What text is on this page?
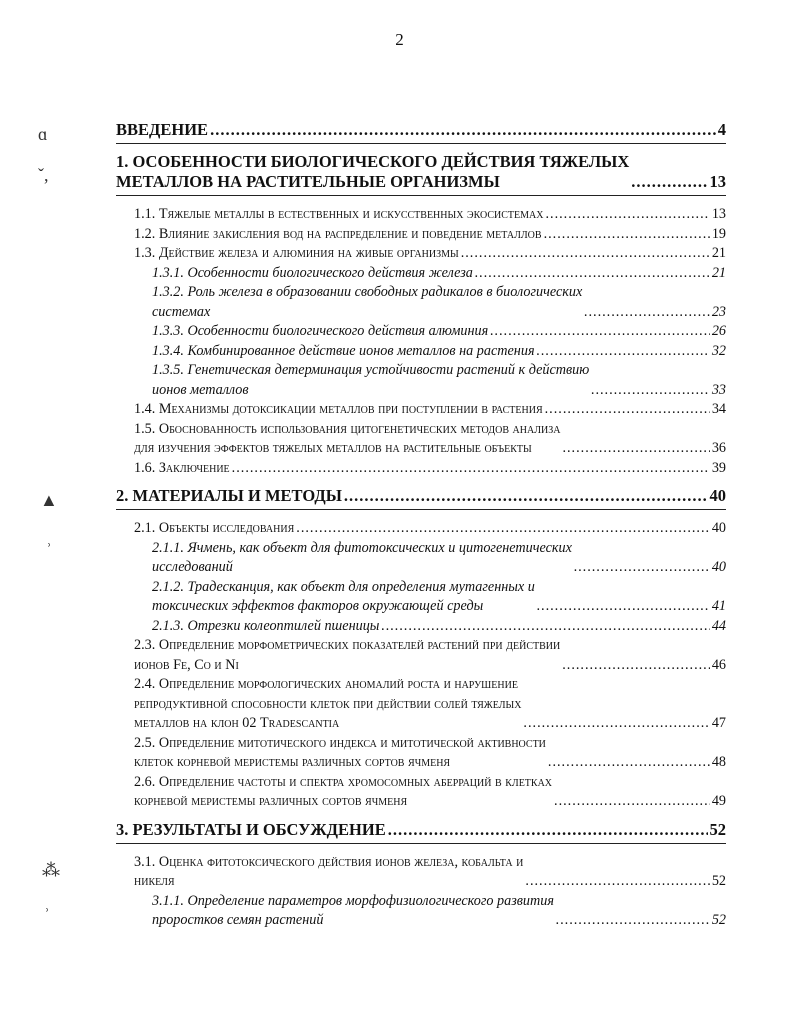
2
ɑ
ˇ,
▲
ʾ
⁂
ʾ
ВВЕДЕНИЕ .....	4
1. ОСОБЕННОСТИ БИОЛОГИЧЕСКОГО ДЕЙСТВИЯ ТЯЖЕЛЫХ
МЕТАЛЛОВ НА РАСТИТЕЛЬНЫЕ ОРГАНИЗМЫ .....	13
1.1. Тяжелые металлы в естественных и искусственных экосистемах .....	13
1.2. Влияние закисления вод на распределение и поведение металлов .....	19
1.3. Действие железа и алюминия на живые организмы .....	21
1.3.1. Особенности биологического действия железа .....	21
1.3.2. Роль железа в образовании свободных радикалов в биологических
системах .....	23
1.3.3. Особенности биологического действия алюминия .....	26
1.3.4. Комбинированное действие ионов металлов на растения .....	32
1.3.5. Генетическая детерминация устойчивости растений к действию
ионов металлов .....	33
1.4. Механизмы дотоксикации металлов при поступлении в растения .....	34
1.5. Обоснованность использования цитогенетических методов анализа
для изучения эффектов тяжелых металлов на растительные объекты .....	36
1.6. Заключение .....	39
2. МАТЕРИАЛЫ И МЕТОДЫ .....	40
2.1. Объекты исследования .....	40
2.1.1. Ячмень, как объект для фитотоксических и цитогенетических
исследований .....	40
2.1.2. Традесканция, как объект для определения мутагенных и
токсических эффектов факторов окружающей среды .....	41
2.1.3. Отрезки колеоптилей пшеницы .....	44
2.3. Определение морфометрических показателей растений при действии
ионов Fe, Co и Ni .....	46
2.4. Определение морфологических аномалий роста и нарушение
репродуктивной способности клеток при действии солей тяжелых
металлов на клон 02 Tradescantia .....	47
2.5. Определение митотического индекса и митотической активности
клеток корневой меристемы различных сортов ячменя .....	48
2.6. Определение частоты и спектра хромосомных аберраций в клетках
корневой меристемы различных сортов ячменя .....	49
3. РЕЗУЛЬТАТЫ И ОБСУЖДЕНИЕ .....	52
3.1. Оценка фитотоксического действия ионов железа, кобальта и
никеля .....	52
3.1.1. Определение параметров морфофизиологического развития
проростков семян растений .....	52
